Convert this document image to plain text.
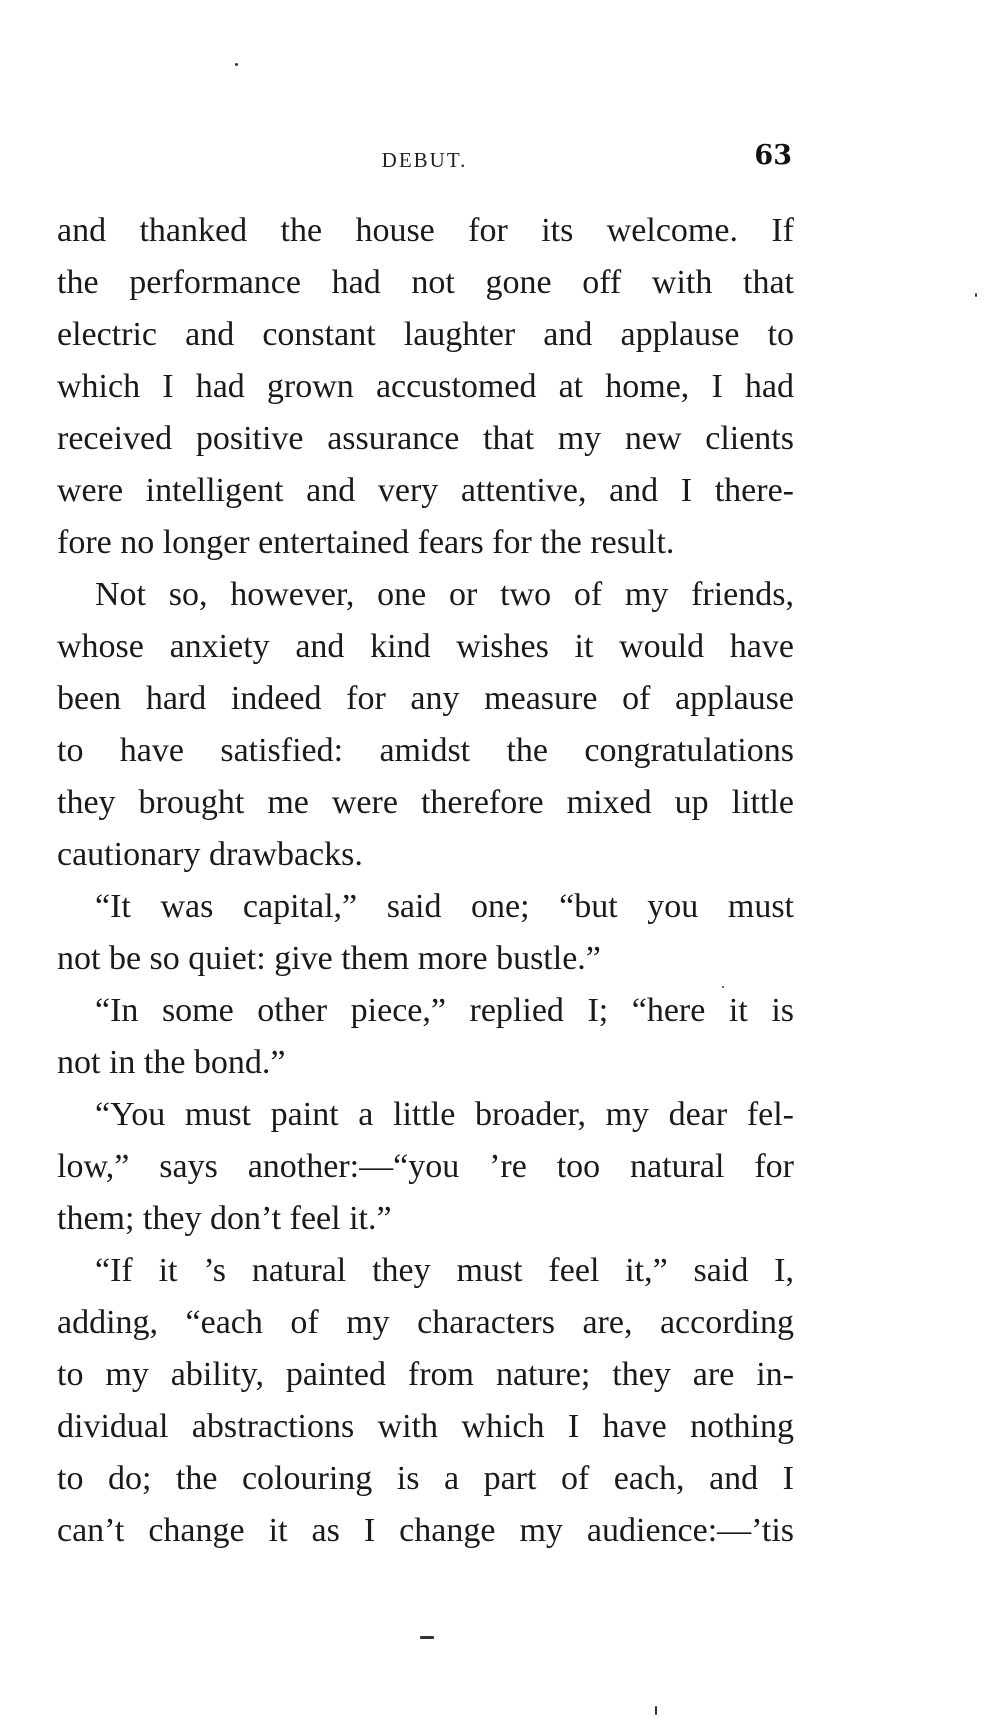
DEBUT.	63

and thanked the house for its welcome. If
the performance had not gone off with that
electric and constant laughter and applause to
which I had grown accustomed at home, I had
received positive assurance that my new clients
were intelligent and very attentive, and I there-
fore no longer entertained fears for the result.

Not so, however, one or two of my friends,
whose anxiety and kind wishes it would have
been hard indeed for any measure of applause
to have satisfied: amidst the congratulations
they brought me were therefore mixed up little
cautionary drawbacks.

“It was capital,” said one; “but you must
not be so quiet: give them more bustle.”

“In some other piece,” replied I; “here it is
not in the bond.”

“You must paint a little broader, my dear fel-
low,” says another:—“you ’re too natural for
them; they don’t feel it.”

“If it ’s natural they must feel it,” said I,
adding, “each of my characters are, according
to my ability, painted from nature; they are in-
dividual abstractions with which I have nothing
to do; the colouring is a part of each, and I
can’t change it as I change my audience:—’tis
